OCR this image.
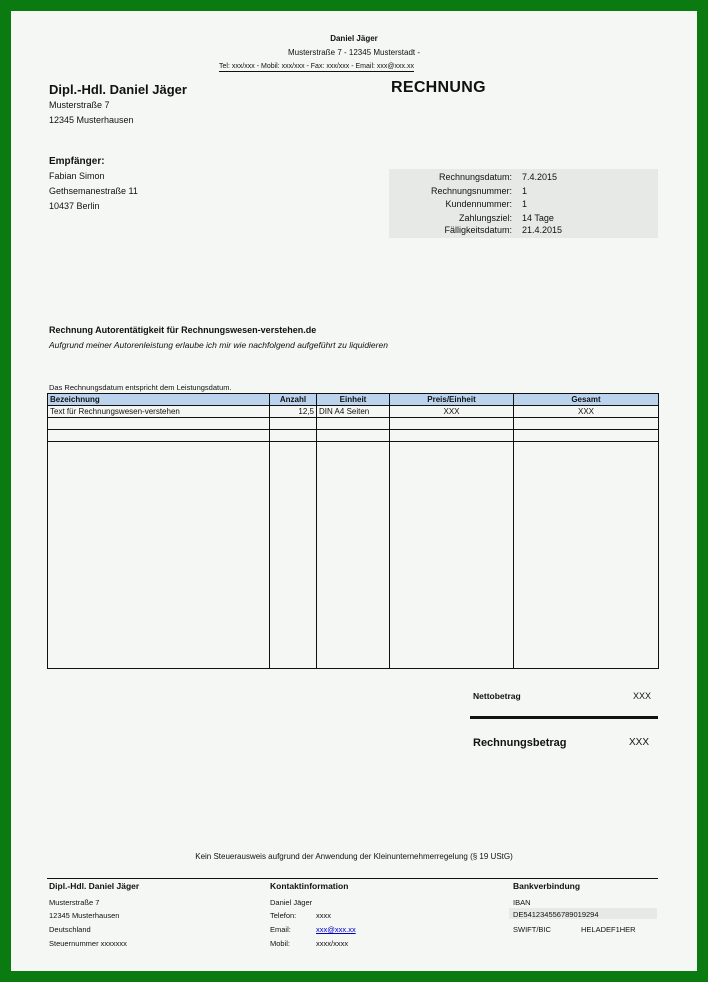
Daniel Jäger
Musterstraße 7 - 12345 Musterstadt -
Tel: xxx/xxx - Mobil: xxx/xxx - Fax: xxx/xxx - Email: xxx@xxx.xx
Dipl.-Hdl. Daniel Jäger
Musterstraße 7
12345 Musterhausen
RECHNUNG
Empfänger:
Fabian Simon
Gethsemanestraße 11
10437 Berlin
Rechnungsdatum: 7.4.2015
Rechnungsnummer: 1
Kundennummer: 1
Zahlungsziel: 14 Tage
Fälligkeitsdatum: 21.4.2015
Rechnung Autorentätigkeit für Rechnungswesen-verstehen.de
Aufgrund meiner Autorenleistung erlaube ich mir wie nachfolgend aufgeführt zu liquidieren
Das Rechnungsdatum entspricht dem Leistungsdatum.
Bezeichnung	Anzahl	Einheit	Preis/Einheit	Gesamt
Text für Rechnungswesen-verstehen	12,5	DIN A4 Seiten	XXX	XXX

Nettobetrag	XXX
Rechnungsbetrag	XXX
Kein Steuerausweis aufgrund der Anwendung der Kleinunternehmerregelung (§ 19 UStG)
Dipl.-Hdl. Daniel Jäger
Musterstraße 7
12345 Musterhausen
Deutschland
Steuernummer xxxxxxx
Kontaktinformation
Daniel Jäger
Telefon:	xxxx
Email:	xxx@xxx.xx
Mobil:	xxxx/xxxx
Bankverbindung
IBAN
DE541234556789019294
SWIFT/BIC	HELADEF1HER
